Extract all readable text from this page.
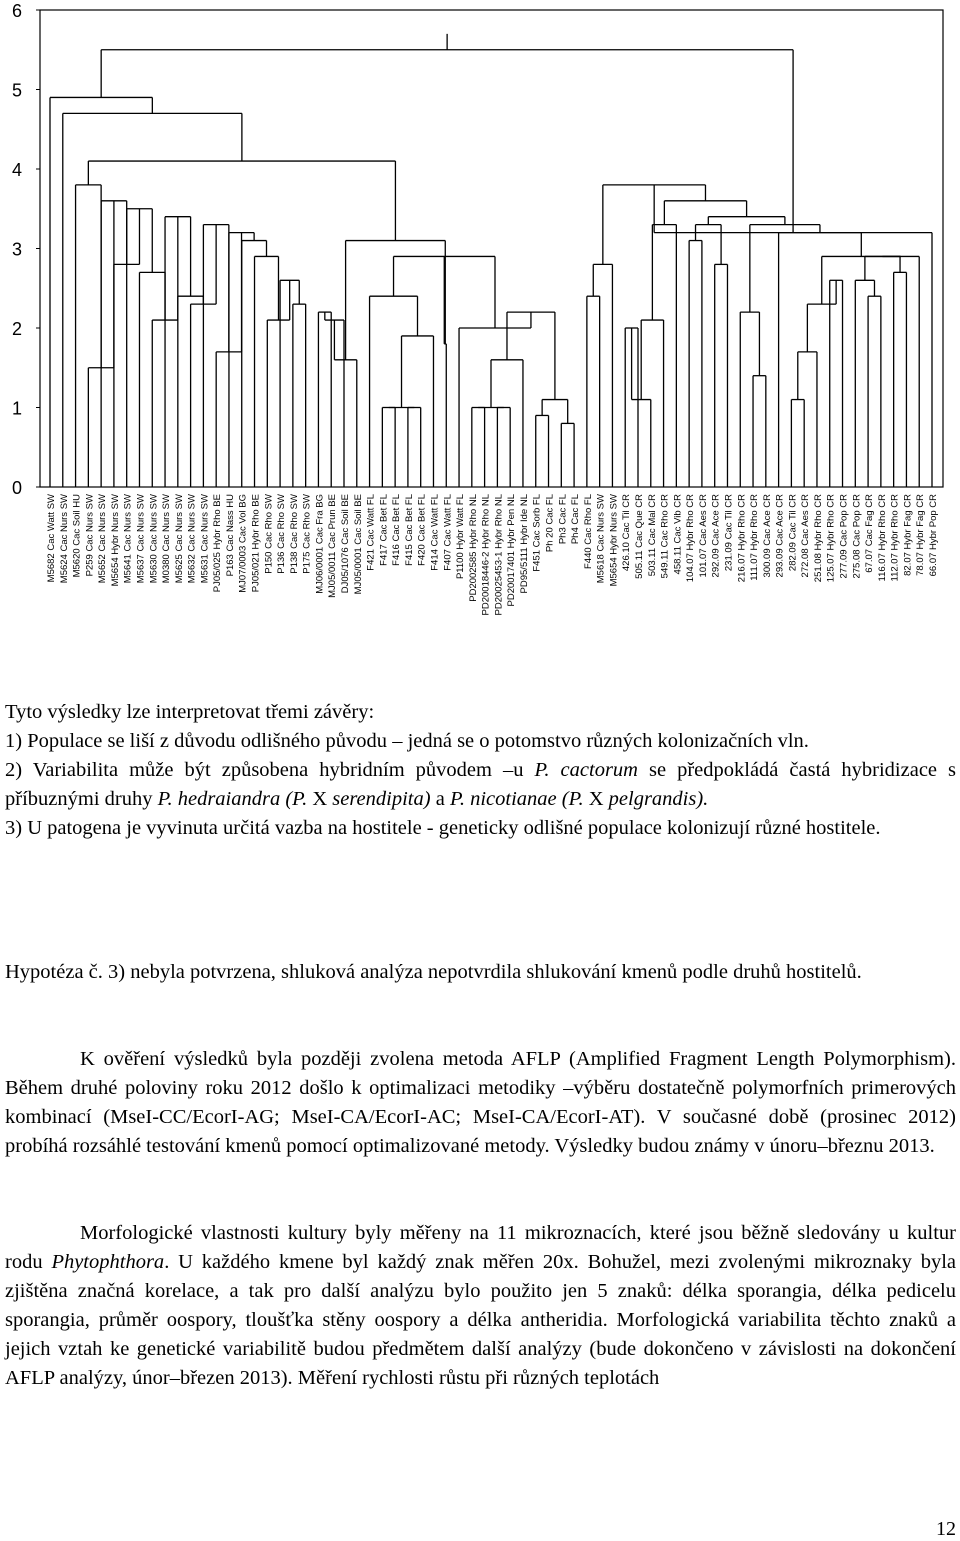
0
1
2
3
4
5
6
M5682 Cac Watt SW M5624 Cac Nurs SW M5620 Cac Soil HU P259 Cac Nurs SW M5652 Cac Nurs SW M5654 Hybr Nurs SW M5641 Cac Nurs SW M5637 Cac Nurs SW M5630 Cac Nurs SW M0380 Cac Nurs SW M5625 Cac Nurs SW M5632 Cac Nurs SW M5631 Cac Nurs SW PJ05/025 Hybr Rho BE P163 Cac Nass HU MJ07/0003 Cac Vol BG PJ05/021 Hybr Rho BE P150 Cac Rho SW P136 Cac Rho SW P138 Cac Rho SW P175 Cac Rho SW MJ06/0001 Cac Fra BG MJ05/0011 Cac Prun BE DJ05/1076 Cac Soil BE MJ05/0001 Cac Soil BE F421 Cac Watt FL F417 Cac Bet FL F416 Cac Bet FL F415 Cac Bet FL F420 Cac Bet FL F414 Cac Watt FL F407 Cac Watt FL P1100 Hybr Watt FL PD2002585 Hybr Rho NL PD20018446-2 Hybr Rho NL PD20025453-1 Hybr Rho NL PD20017401 Hybr Pen NL PD95/5111 Hybr Ide NL F451 Cac Sorb FL Ph 20 Cac FL Ph3 Cac FL Ph4 Cac FL F440 Cac Rho FL M5618 Cac Nurs SW M5654 Hybr Nurs SW 426.10 Cac Til CR 505.11 Cac Que CR 503.11 Cac Mal CR 549.11 Cac Rho CR 458.11 Cac Vib CR 104.07 Hybr Rho CR 101.07 Cac Aes CR 292.09 Cac Ace CR 231.09 Cac Til CR 216.07 Hybr Rho CR 111.07 Hybr Rho CR 300.09 Cac Ace CR 293.09 Cac Ace CR 282.09 Cac Til CR 272.08 Cac Aes CR 251.08 Hybr Rho CR 125.07 Hybr Rho CR 277.09 Cac Pop CR 275.08 Cac Pop CR 67.07 Cac Fag CR 116.07 Hybr Rho CR 112.07 Hybr Rho CR 82.07 Hybr Fag CR 78.07 Hybr Fag CR 66.07 Hybr Pop CR

Tyto výsledky lze interpretovat třemi závěry:

1) Populace se liší z důvodu odlišného původu – jedná se o potomstvo různých kolonizačních vln.

2) Variabilita může být způsobena hybridním původem –u P. cactorum se předpokládá častá hybridizace s příbuznými druhy P. hedraiandra (P. X serendipita) a P. nicotianae (P. X pelgrandis).

3) U patogena je vyvinuta určitá vazba na hostitele - geneticky odlišné populace kolonizují různé hostitele.

Hypotéza č. 3) nebyla potvrzena, shluková analýza nepotvrdila shlukování kmenů podle druhů hostitelů.

K ověření výsledků byla později zvolena metoda AFLP (Amplified Fragment Length Polymorphism). Během druhé poloviny roku 2012 došlo k optimalizaci metodiky –výběru dostatečně polymorfních primerových kombinací (MseI-CC/EcorI-AG; MseI-CA/EcorI-AC; MseI-CA/EcorI-AT). V současné době (prosinec 2012) probíhá rozsáhlé testování kmenů pomocí optimalizované metody. Výsledky budou známy v únoru–březnu 2013.

Morfologické vlastnosti kultury byly měřeny na 11 mikroznacích, které jsou běžně sledovány u kultur rodu Phytophthora. U každého kmene byl každý znak měřen 20x. Bohužel, mezi zvolenými mikroznaky byla zjištěna značná korelace, a tak pro další analýzu bylo použito jen 5 znaků: délka sporangia, délka pedicelu sporangia, průměr oospory, tloušťka stěny oospory a délka antheridia. Morfologická variabilita těchto znaků a jejich vztah ke genetické variabilitě budou předmětem další analýzy (bude dokončeno v závislosti na dokončení AFLP analýzy, únor–březen 2013). Měření rychlosti růstu při různých teplotách

12
